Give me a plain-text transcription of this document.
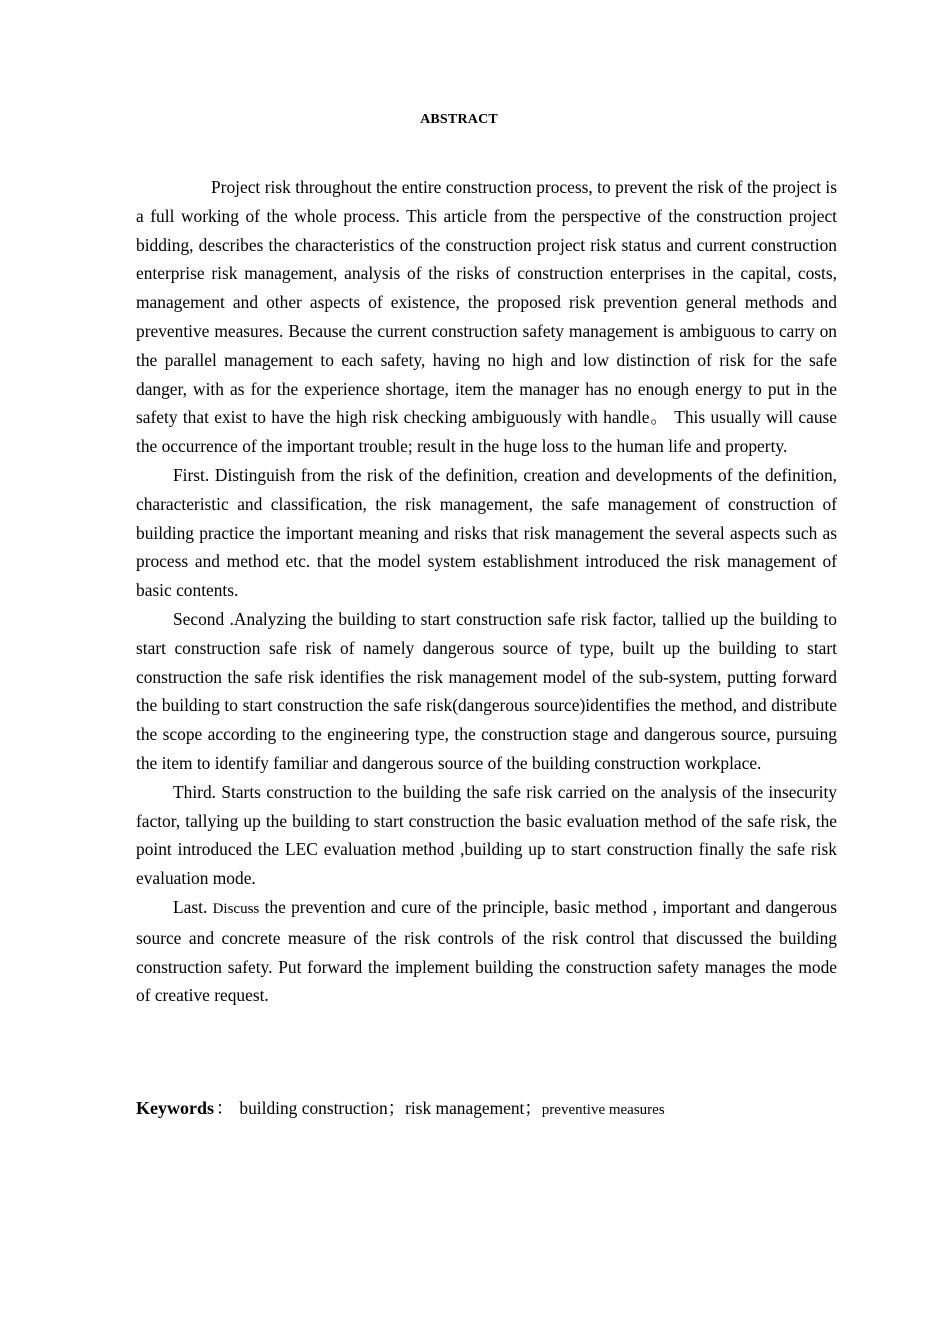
ABSTRACT

Project risk throughout the entire construction process, to prevent the risk of the project is a full working of the whole process. This article from the perspective of the construction project bidding, describes the characteristics of the construction project risk status and current construction enterprise risk management, analysis of the risks of construction enterprises in the capital, costs, management and other aspects of existence, the proposed risk prevention general methods and preventive measures. Because the current construction safety management is ambiguous to carry on the parallel management to each safety, having no high and low distinction of risk for the safe danger, with as for the experience shortage, item the manager has no enough energy to put in the safety that exist to have the high risk checking ambiguously with handle。 This usually will cause the occurrence of the important trouble; result in the huge loss to the human life and property.

First. Distinguish from the risk of the definition, creation and developments of the definition, characteristic and classification, the risk management, the safe management of construction of building practice the important meaning and risks that risk management the several aspects such as process and method etc. that the model system establishment introduced the risk management of basic contents.

Second .Analyzing the building to start construction safe risk factor, tallied up the building to start construction safe risk of namely dangerous source of type, built up the building to start construction the safe risk identifies the risk management model of the sub-system, putting forward the building to start construction the safe risk(dangerous source)identifies the method, and distribute the scope according to the engineering type, the construction stage and dangerous source, pursuing the item to identify familiar and dangerous source of the building construction workplace.

Third. Starts construction to the building the safe risk carried on the analysis of the insecurity factor, tallying up the building to start construction the basic evaluation method of the safe risk, the point introduced the LEC evaluation method ,building up to start construction finally the safe risk evaluation mode.

Last. Discuss the prevention and cure of the principle, basic method , important and dangerous source and concrete measure of the risk controls of the risk control that discussed the building construction safety. Put forward the implement building the construction safety manages the mode of creative request.

Keywords ： building construction；risk management；preventive measures
